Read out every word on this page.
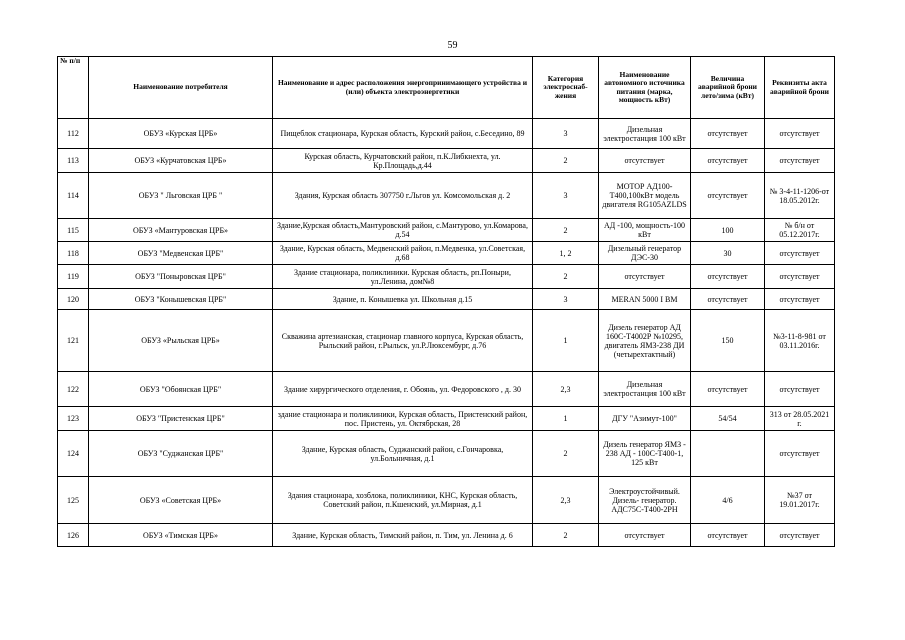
59
№ п/п	Наименование потребителя	Наименование и адрес расположения энергопринимающего устройства и (или) объекта электроэнергетики	Категория электроснаб-жения	Наименование автономного источника питания (марка, мощность кВт)	Величина аварийной брони лето/зима (кВт)	Реквизиты акта аварийной брони
112	ОБУЗ «Курская ЦРБ»	Пищеблок стационара, Курская область, Курский район, с.Беседино, 89	3	Дизельная электростанция 100 кВт	отсутствует	отсутствует
113	ОБУЗ «Курчатовская ЦРБ»	Курская область, Курчатовский район, п.К.Либкнехта, ул. Кр.Площадь,д.44	2	отсутствует	отсутствует	отсутствует
114	ОБУЗ " Льговская ЦРБ "	Здания, Курская область 307750 г.Льгов ул. Комсомольская д. 2	3	МОТОР АД100-Т400,100кВт модель двигателя RG105AZLDS	отсутствует	№ 3-4-11-1206-от 18.05.2012г.
115	ОБУЗ «Мантуровская ЦРБ»	Здание,Курская область,Мантуровский район, с.Мантурово, ул.Комарова, д.54	2	АД -100, мощность-100 кВт	100	№ б/н от 05.12.2017г.
118	ОБУЗ "Медвенская ЦРБ"	Здание, Курская область, Медвенский район, п.Медвенка, ул.Советская, д.68	1, 2	Дизельный генератор ДЭС-30	30	отсутствует
119	ОБУЗ "Поныровская ЦРБ"	Здание стационара, поликлиники. Курская область, рп.Поныри, ул.Ленина, дом№8	2	отсутствует	отсутствует	отсутствует
120	ОБУЗ "Конышевская ЦРБ"	Здание, п. Конышевка ул. Школьная д.15	3	MERAN 5000 I BM	отсутствует	отсутствует
121	ОБУЗ «Рыльская ЦРБ»	Скважина артезианская, стационар главного корпуса, Курская область, Рыльский район, г.Рыльск, ул.Р.Люксембург, д.76	1	Дизель генератор АД 160С-Т4002Р №10295, двигатель ЯМЗ-238 ДИ (четырехтактный)	150	№3-11-8-981 от 03.11.2016г.
122	ОБУЗ "Обоянская ЦРБ"	Здание хирургического отделения, г. Обоянь, ул. Федоровского , д. 30	2,3	Дизельная электростанция 100 кВт	отсутствует	отсутствует
123	ОБУЗ "Пристенская ЦРБ"	здание стационара и поликлиники, Курская область, Пристенский район, пос. Пристень, ул. Октябрская, 28	1	ДГУ "Азимут-100"	54/54	313 от 28.05.2021 г.
124	ОБУЗ "Суджанская ЦРБ"	Здание, Курская область, Суджанский район, с.Гончаровка, ул.Больничная, д.1	2	Дизель генератор ЯМЗ - 238 АД - 100С-Т400-1, 125 кВт		отсутствует
125	ОБУЗ «Советская ЦРБ»	Здания стационара, хозблока, поликлиники, КНС, Курская область, Советский район, п.Кшенский, ул.Мирная, д.1	2,3	Электроустойчивый. Дизель- генератор. АДС75С-Т400-2РН	4/6	№37 от 19.01.2017г.
126	ОБУЗ «Тимская ЦРБ»	Здание, Курская область, Тимский район, п. Тим, ул. Ленина д. 6	2	отсутствует	отсутствует	отсутствует
